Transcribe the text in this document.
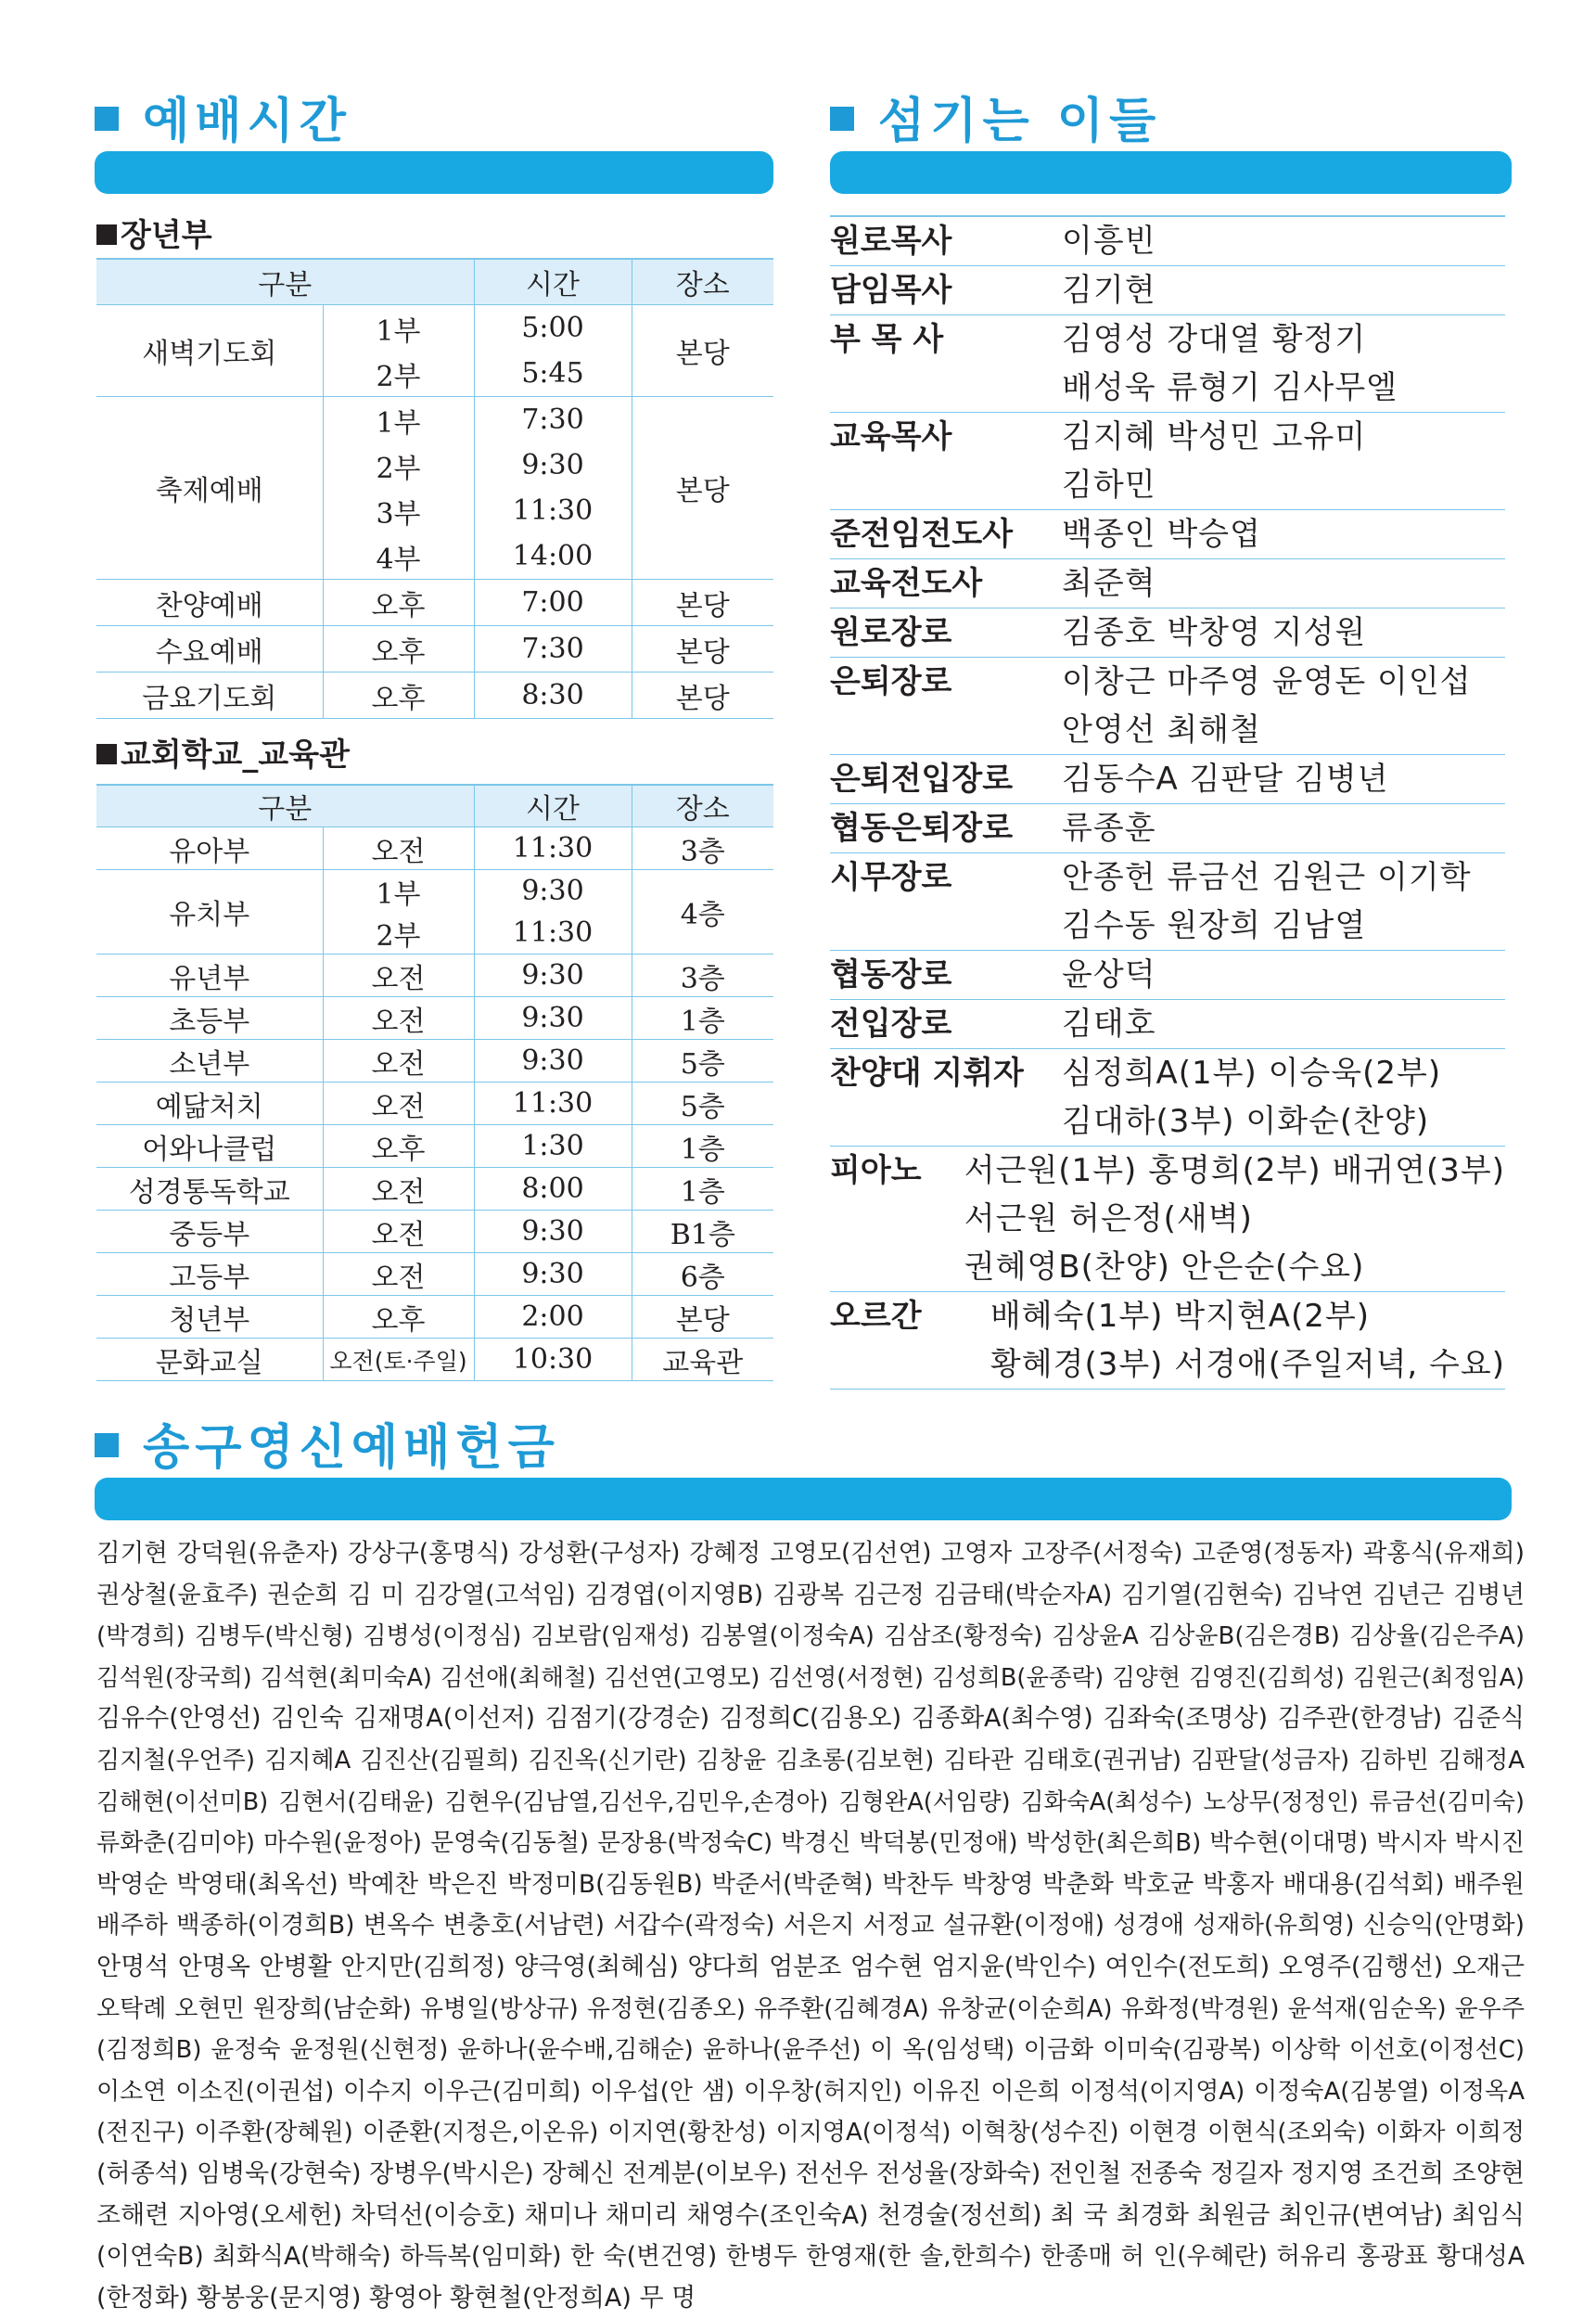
예배시간	섬기는 이들
송구영신예배헌금
장년부
구분		시간	장소
새벽기도회	1부	5:00	본당
	2부	5:45	
축제예배	1부	7:30	본당
	2부	9:30	
	3부	11:30	
	4부	14:00	
찬양예배	오후	7:00	본당
수요예배	오후	7:30	본당
금요기도회	오후	8:30	본당
교회학교_교육관
구분		시간	장소
유아부	오전	11:30	3층
유치부	1부	9:30	4층
	2부	11:30	
유년부	오전	9:30	3층
초등부	오전	9:30	1층
소년부	오전	9:30	5층
예닮처치	오전	11:30	5층
어와나클럽	오후	1:30	1층
성경통독학교	오전	8:00	1층
중등부	오전	9:30	B1층
고등부	오전	9:30	6층
청년부	오후	2:00	본당
문화교실	오전(토·주일)	10:30	교육관
원로목사	이흥빈
담임목사	김기현
부 목 사	김영성 강대열 황정기
배성욱 류형기 김사무엘
교육목사	김지혜 박성민 고유미
김하민
준전임전도사	백종인 박승엽
교육전도사	최준혁
원로장로	김종호 박창영 지성원
은퇴장로	이창근 마주영 윤영돈 이인섭
안영선 최해철
은퇴전입장로	김동수A 김판달 김병년
협동은퇴장로	류종훈
시무장로	안종헌 류금선 김원근 이기학
김수동 원장희 김남열
협동장로	윤상덕
전입장로	김태호
찬양대 지휘자	심정희A(1부) 이승욱(2부)
김대하(3부) 이화순(찬양)
피아노	서근원(1부) 홍명희(2부) 배귀연(3부)
서근원 허은정(새벽)
권혜영B(찬양) 안은순(수요)
오르간	배혜숙(1부) 박지현A(2부)
황혜경(3부) 서경애(주일저녁, 수요)
김기현 강덕원(유춘자) 강상구(홍명식) 강성환(구성자) 강혜정 고영모(김선연) 고영자 고장주(서정숙) 고준영(정동자) 곽홍식(유재희)
권상철(윤효주) 권순희 김 미 김강열(고석임) 김경엽(이지영B) 김광복 김근정 김금태(박순자A) 김기열(김현숙) 김낙연 김년근 김병년
(박경희) 김병두(박신형) 김병성(이정심) 김보람(임재성) 김봉열(이정숙A) 김삼조(황정숙) 김상윤A 김상윤B(김은경B) 김상율(김은주A)
김석원(장국희) 김석현(최미숙A) 김선애(최해철) 김선연(고영모) 김선영(서정현) 김성희B(윤종락) 김양현 김영진(김희성) 김원근(최정임A)
김유수(안영선) 김인숙 김재명A(이선저) 김점기(강경순) 김정희C(김용오) 김종화A(최수영) 김좌숙(조명상) 김주관(한경남) 김준식
김지철(우언주) 김지혜A 김진산(김필희) 김진옥(신기란) 김창윤 김초롱(김보현) 김타관 김태호(권귀남) 김판달(성금자) 김하빈 김해정A
김해현(이선미B) 김현서(김태윤) 김현우(김남열,김선우,김민우,손경아) 김형완A(서임량) 김화숙A(최성수) 노상무(정정인) 류금선(김미숙)
류화춘(김미야) 마수원(윤정아) 문영숙(김동철) 문장용(박정숙C) 박경신 박덕봉(민정애) 박성한(최은희B) 박수현(이대명) 박시자 박시진
박영순 박영태(최옥선) 박예찬 박은진 박정미B(김동원B) 박준서(박준혁) 박찬두 박창영 박춘화 박호균 박홍자 배대용(김석회) 배주원
배주하 백종하(이경희B) 변옥수 변충호(서남련) 서갑수(곽정숙) 서은지 서정교 설규환(이정애) 성경애 성재하(유희영) 신승익(안명화)
안명석 안명옥 안병활 안지만(김희정) 양극영(최혜심) 양다희 엄분조 엄수현 엄지윤(박인수) 여인수(전도희) 오영주(김행선) 오재근
오탁례 오현민 원장희(남순화) 유병일(방상규) 유정현(김종오) 유주환(김혜경A) 유창균(이순희A) 유화정(박경원) 윤석재(임순옥) 윤우주
(김정희B) 윤정숙 윤정원(신현정) 윤하나(윤수배,김해순) 윤하나(윤주선) 이 옥(임성택) 이금화 이미숙(김광복) 이상학 이선호(이정선C)
이소연 이소진(이권섭) 이수지 이우근(김미희) 이우섭(안 샘) 이우창(허지인) 이유진 이은희 이정석(이지영A) 이정숙A(김봉열) 이정옥A
(전진구) 이주환(장혜원) 이준환(지정은,이온유) 이지연(황찬성) 이지영A(이정석) 이혁창(성수진) 이현경 이현식(조외숙) 이화자 이희정
(허종석) 임병욱(강현숙) 장병우(박시은) 장혜신 전계분(이보우) 전선우 전성율(장화숙) 전인철 전종숙 정길자 정지영 조건희 조양현
조해련 지아영(오세헌) 차덕선(이승호) 채미나 채미리 채영수(조인숙A) 천경술(정선희) 최 국 최경화 최원금 최인규(변여남) 최임식
(이연숙B) 최화식A(박해숙) 하득복(임미화) 한 숙(변건영) 한병두 한영재(한 솔,한희수) 한종매 허 인(우혜란) 허유리 홍광표 황대성A
(한정화) 황봉웅(문지영) 황영아 황현철(안정희A) 무 명
